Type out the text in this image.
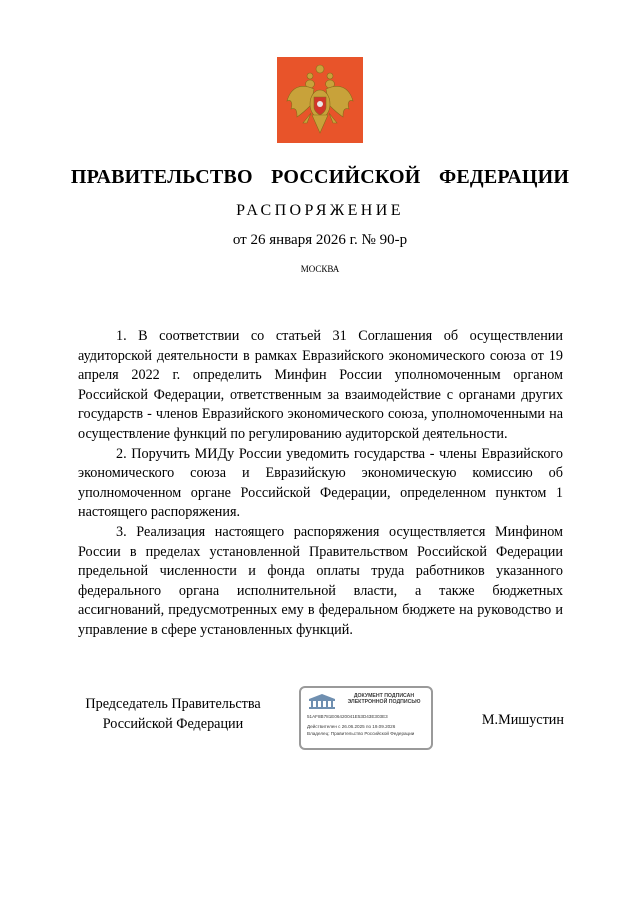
ПРАВИТЕЛЬСТВО  РОССИЙСКОЙ  ФЕДЕРАЦИИ
РАСПОРЯЖЕНИЕ
от 26 января 2026 г. № 90-р
МОСКВА

1. В соответствии со статьей 31 Соглашения об осуществлении аудиторской деятельности в рамках Евразийского экономического союза от 19 апреля 2022 г. определить Минфин России уполномоченным органом Российской Федерации, ответственным за взаимодействие с органами других государств - членов Евразийского экономического союза, уполномоченными на осуществление функций по регулированию аудиторской деятельности.

2. Поручить МИДу России уведомить государства - члены Евразийского экономического союза и Евразийскую экономическую комиссию об уполномоченном органе Российской Федерации, определенном пунктом 1 настоящего распоряжения.

3. Реализация настоящего распоряжения осуществляется Минфином России в пределах установленной Правительством Российской Федерации предельной численности и фонда оплаты труда работников указанного федерального органа исполнительной власти, а также бюджетных ассигнований, предусмотренных ему в федеральном бюджете на руководство и управление в сфере установленных функций.

Председатель Правительства
Российской Федерации
ДОКУМЕНТ ПОДПИСАН
ЭЛЕКТРОННОЙ ПОДПИСЬЮ
51AF8B781E06420041E53D43E303E3
Действителен с 26.06.2025 по 19.09.2026
Владелец: Правительство Российской Федерации
М.Мишустин
